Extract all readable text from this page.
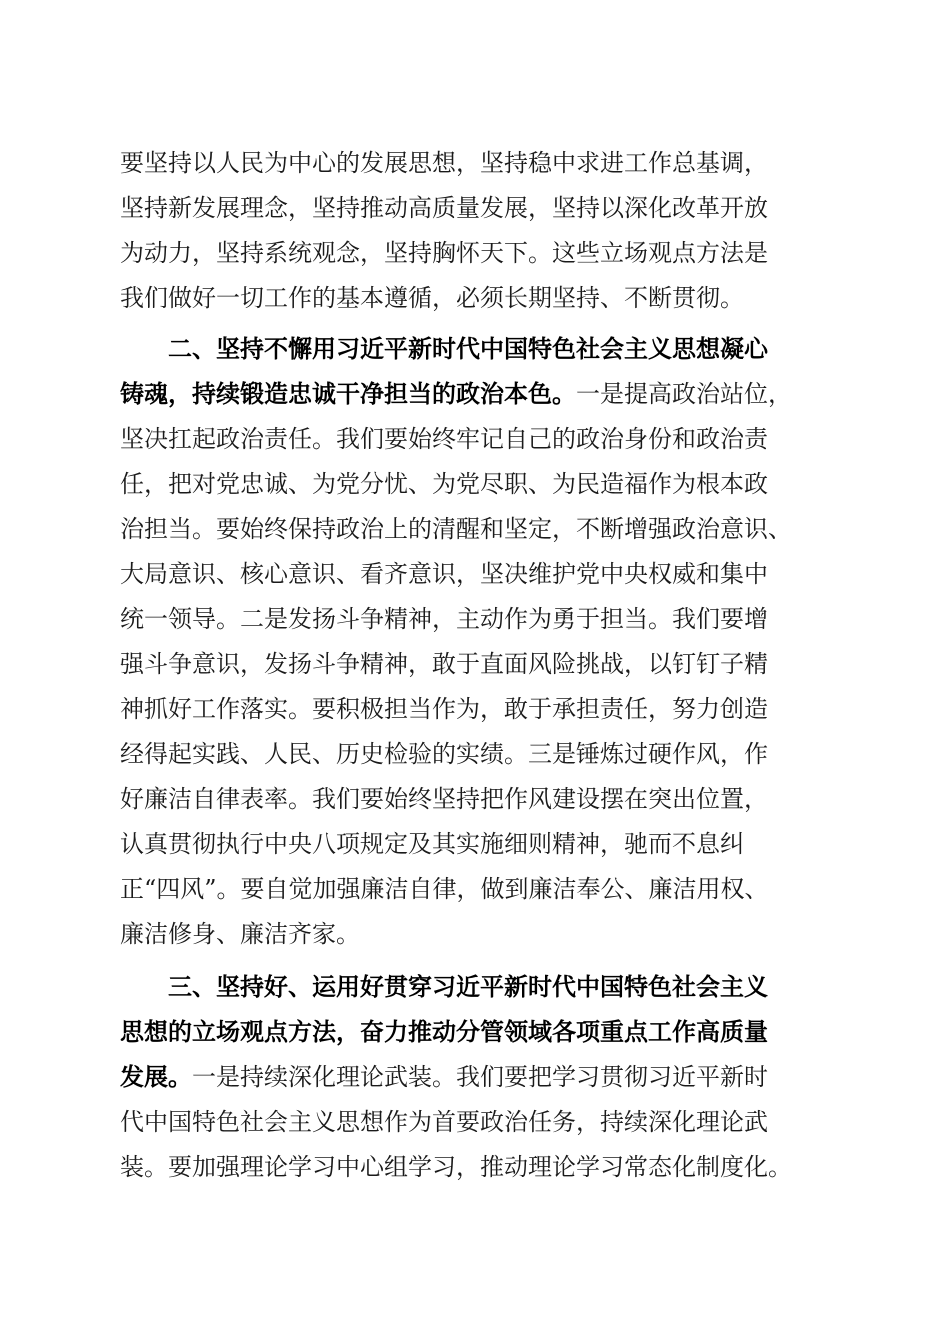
要坚持以人民为中心的发展思想，坚持稳中求进工作总基调，
坚持新发展理念，坚持推动高质量发展，坚持以深化改革开放
为动力，坚持系统观念，坚持胸怀天下。这些立场观点方法是
我们做好一切工作的基本遵循，必须长期坚持、不断贯彻。
二、坚持不懈用习近平新时代中国特色社会主义思想凝心
铸魂，持续锻造忠诚干净担当的政治本色。一是提高政治站位，
坚决扛起政治责任。我们要始终牢记自己的政治身份和政治责
任，把对党忠诚、为党分忧、为党尽职、为民造福作为根本政
治担当。要始终保持政治上的清醒和坚定，不断增强政治意识、
大局意识、核心意识、看齐意识，坚决维护党中央权威和集中
统一领导。二是发扬斗争精神，主动作为勇于担当。我们要增
强斗争意识，发扬斗争精神，敢于直面风险挑战，以钉钉子精
神抓好工作落实。要积极担当作为，敢于承担责任，努力创造
经得起实践、人民、历史检验的实绩。三是锤炼过硬作风，作
好廉洁自律表率。我们要始终坚持把作风建设摆在突出位置，
认真贯彻执行中央八项规定及其实施细则精神，驰而不息纠
正“四风”。要自觉加强廉洁自律，做到廉洁奉公、廉洁用权、
廉洁修身、廉洁齐家。
三、坚持好、运用好贯穿习近平新时代中国特色社会主义
思想的立场观点方法，奋力推动分管领域各项重点工作高质量
发展。一是持续深化理论武装。我们要把学习贯彻习近平新时
代中国特色社会主义思想作为首要政治任务，持续深化理论武
装。要加强理论学习中心组学习，推动理论学习常态化制度化。
